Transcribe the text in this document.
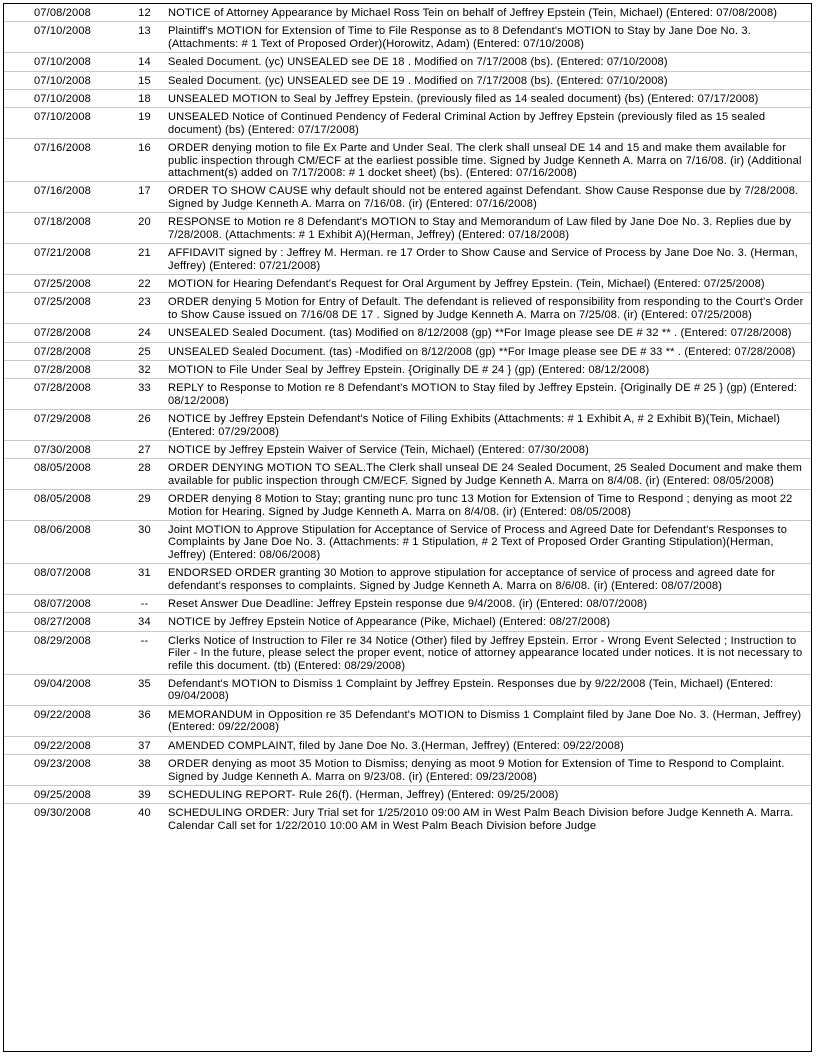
07/08/2008	12	NOTICE of Attorney Appearance by Michael Ross Tein on behalf of Jeffrey Epstein (Tein, Michael) (Entered: 07/08/2008)
07/10/2008	13	Plaintiff's MOTION for Extension of Time to File Response as to 8 Defendant's MOTION to Stay by Jane Doe No. 3. (Attachments: # 1 Text of Proposed Order)(Horowitz, Adam) (Entered: 07/10/2008)
07/10/2008	14	Sealed Document. (yc) UNSEALED see DE 18 . Modified on 7/17/2008 (bs). (Entered: 07/10/2008)
07/10/2008	15	Sealed Document. (yc) UNSEALED see DE 19 . Modified on 7/17/2008 (bs). (Entered: 07/10/2008)
07/10/2008	18	UNSEALED MOTION to Seal by Jeffrey Epstein. (previously filed as 14 sealed document) (bs) (Entered: 07/17/2008)
07/10/2008	19	UNSEALED Notice of Continued Pendency of Federal Criminal Action by Jeffrey Epstein (previously filed as 15 sealed document) (bs) (Entered: 07/17/2008)
07/16/2008	16	ORDER denying motion to file Ex Parte and Under Seal. The clerk shall unseal DE 14 and 15 and make them available for public inspection through CM/ECF at the earliest possible time. Signed by Judge Kenneth A. Marra on 7/16/08. (ir) (Additional attachment(s) added on 7/17/2008: # 1 docket sheet) (bs). (Entered: 07/16/2008)
07/16/2008	17	ORDER TO SHOW CAUSE why default should not be entered against Defendant. Show Cause Response due by 7/28/2008. Signed by Judge Kenneth A. Marra on 7/16/08. (ir) (Entered: 07/16/2008)
07/18/2008	20	RESPONSE to Motion re 8 Defendant's MOTION to Stay and Memorandum of Law filed by Jane Doe No. 3. Replies due by 7/28/2008. (Attachments: # 1 Exhibit A)(Herman, Jeffrey) (Entered: 07/18/2008)
07/21/2008	21	AFFIDAVIT signed by : Jeffrey M. Herman. re 17 Order to Show Cause and Service of Process by Jane Doe No. 3. (Herman, Jeffrey) (Entered: 07/21/2008)
07/25/2008	22	MOTION for Hearing Defendant's Request for Oral Argument by Jeffrey Epstein. (Tein, Michael) (Entered: 07/25/2008)
07/25/2008	23	ORDER denying 5 Motion for Entry of Default. The defendant is relieved of responsibility from responding to the Court's Order to Show Cause issued on 7/16/08 DE 17 . Signed by Judge Kenneth A. Marra on 7/25/08. (ir) (Entered: 07/25/2008)
07/28/2008	24	UNSEALED Sealed Document. (tas) Modified on 8/12/2008 (gp) **For Image please see DE # 32 ** . (Entered: 07/28/2008)
07/28/2008	25	UNSEALED Sealed Document. (tas) -Modified on 8/12/2008 (gp) **For Image please see DE # 33 ** . (Entered: 07/28/2008)
07/28/2008	32	MOTION to File Under Seal by Jeffrey Epstein. {Originally DE # 24 } (gp) (Entered: 08/12/2008)
07/28/2008	33	REPLY to Response to Motion re 8 Defendant's MOTION to Stay filed by Jeffrey Epstein. {Originally DE # 25 } (gp) (Entered: 08/12/2008)
07/29/2008	26	NOTICE by Jeffrey Epstein Defendant's Notice of Filing Exhibits (Attachments: # 1 Exhibit A, # 2 Exhibit B)(Tein, Michael) (Entered: 07/29/2008)
07/30/2008	27	NOTICE by Jeffrey Epstein Waiver of Service (Tein, Michael) (Entered: 07/30/2008)
08/05/2008	28	ORDER DENYING MOTION TO SEAL.The Clerk shall unseal DE 24 Sealed Document, 25 Sealed Document and make them available for public inspection through CM/ECF. Signed by Judge Kenneth A. Marra on 8/4/08. (ir) (Entered: 08/05/2008)
08/05/2008	29	ORDER denying 8 Motion to Stay; granting nunc pro tunc 13 Motion for Extension of Time to Respond ; denying as moot 22 Motion for Hearing. Signed by Judge Kenneth A. Marra on 8/4/08. (ir) (Entered: 08/05/2008)
08/06/2008	30	Joint MOTION to Approve Stipulation for Acceptance of Service of Process and Agreed Date for Defendant's Responses to Complaints by Jane Doe No. 3. (Attachments: # 1 Stipulation, # 2 Text of Proposed Order Granting Stipulation)(Herman, Jeffrey) (Entered: 08/06/2008)
08/07/2008	31	ENDORSED ORDER granting 30 Motion to approve stipulation for acceptance of service of process and agreed date for defendant's responses to complaints. Signed by Judge Kenneth A. Marra on 8/6/08. (ir) (Entered: 08/07/2008)
08/07/2008	--	Reset Answer Due Deadline: Jeffrey Epstein response due 9/4/2008. (ir) (Entered: 08/07/2008)
08/27/2008	34	NOTICE by Jeffrey Epstein Notice of Appearance (Pike, Michael) (Entered: 08/27/2008)
08/29/2008	--	Clerks Notice of Instruction to Filer re 34 Notice (Other) filed by Jeffrey Epstein. Error - Wrong Event Selected ; Instruction to Filer - In the future, please select the proper event, notice of attorney appearance located under notices. It is not necessary to refile this document. (tb) (Entered: 08/29/2008)
09/04/2008	35	Defendant's MOTION to Dismiss 1 Complaint by Jeffrey Epstein. Responses due by 9/22/2008 (Tein, Michael) (Entered: 09/04/2008)
09/22/2008	36	MEMORANDUM in Opposition re 35 Defendant's MOTION to Dismiss 1 Complaint filed by Jane Doe No. 3. (Herman, Jeffrey) (Entered: 09/22/2008)
09/22/2008	37	AMENDED COMPLAINT, filed by Jane Doe No. 3.(Herman, Jeffrey) (Entered: 09/22/2008)
09/23/2008	38	ORDER denying as moot 35 Motion to Dismiss; denying as moot 9 Motion for Extension of Time to Respond to Complaint. Signed by Judge Kenneth A. Marra on 9/23/08. (ir) (Entered: 09/23/2008)
09/25/2008	39	SCHEDULING REPORT- Rule 26(f). (Herman, Jeffrey) (Entered: 09/25/2008)
09/30/2008	40	SCHEDULING ORDER: Jury Trial set for 1/25/2010 09:00 AM in West Palm Beach Division before Judge Kenneth A. Marra. Calendar Call set for 1/22/2010 10:00 AM in West Palm Beach Division before Judge
